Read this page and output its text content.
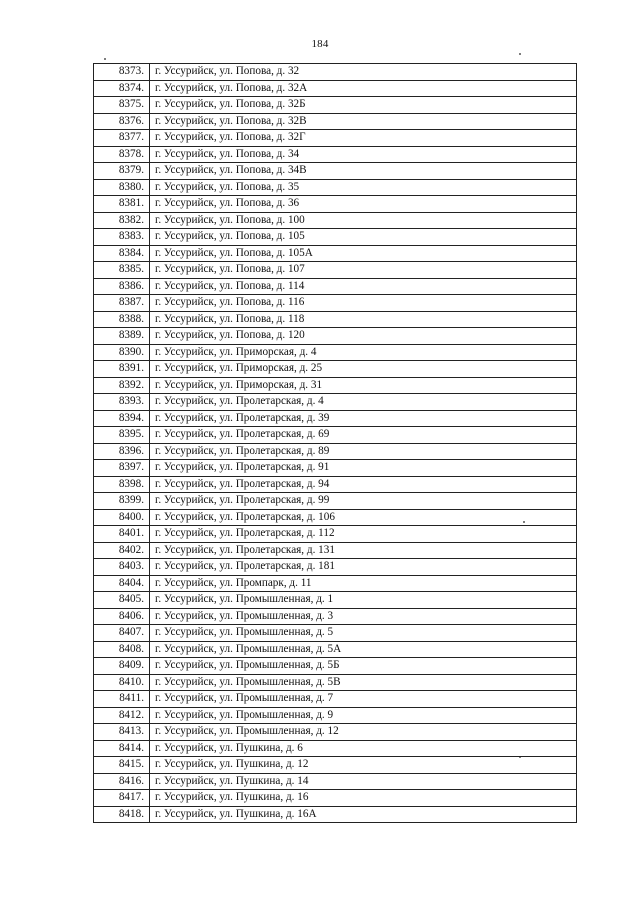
184
8373.	г. Уссурийск, ул. Попова, д. 32
8374.	г. Уссурийск, ул. Попова, д. 32А
8375.	г. Уссурийск, ул. Попова, д. 32Б
8376.	г. Уссурийск, ул. Попова, д. 32В
8377.	г. Уссурийск, ул. Попова, д. 32Г
8378.	г. Уссурийск, ул. Попова, д. 34
8379.	г. Уссурийск, ул. Попова, д. 34В
8380.	г. Уссурийск, ул. Попова, д. 35
8381.	г. Уссурийск, ул. Попова, д. 36
8382.	г. Уссурийск, ул. Попова, д. 100
8383.	г. Уссурийск, ул. Попова, д. 105
8384.	г. Уссурийск, ул. Попова, д. 105А
8385.	г. Уссурийск, ул. Попова, д. 107
8386.	г. Уссурийск, ул. Попова, д. 114
8387.	г. Уссурийск, ул. Попова, д. 116
8388.	г. Уссурийск, ул. Попова, д. 118
8389.	г. Уссурийск, ул. Попова, д. 120
8390.	г. Уссурийск, ул. Приморская, д. 4
8391.	г. Уссурийск, ул. Приморская, д. 25
8392.	г. Уссурийск, ул. Приморская, д. 31
8393.	г. Уссурийск, ул. Пролетарская, д. 4
8394.	г. Уссурийск, ул. Пролетарская, д. 39
8395.	г. Уссурийск, ул. Пролетарская, д. 69
8396.	г. Уссурийск, ул. Пролетарская, д. 89
8397.	г. Уссурийск, ул. Пролетарская, д. 91
8398.	г. Уссурийск, ул. Пролетарская, д. 94
8399.	г. Уссурийск, ул. Пролетарская, д. 99
8400.	г. Уссурийск, ул. Пролетарская, д. 106
8401.	г. Уссурийск, ул. Пролетарская, д. 112
8402.	г. Уссурийск, ул. Пролетарская, д. 131
8403.	г. Уссурийск, ул. Пролетарская, д. 181
8404.	г. Уссурийск, ул. Промпарк, д. 11
8405.	г. Уссурийск, ул. Промышленная, д. 1
8406.	г. Уссурийск, ул. Промышленная, д. 3
8407.	г. Уссурийск, ул. Промышленная, д. 5
8408.	г. Уссурийск, ул. Промышленная, д. 5А
8409.	г. Уссурийск, ул. Промышленная, д. 5Б
8410.	г. Уссурийск, ул. Промышленная, д. 5В
8411.	г. Уссурийск, ул. Промышленная, д. 7
8412.	г. Уссурийск, ул. Промышленная, д. 9
8413.	г. Уссурийск, ул. Промышленная, д. 12
8414.	г. Уссурийск, ул. Пушкина, д. 6
8415.	г. Уссурийск, ул. Пушкина, д. 12
8416.	г. Уссурийск, ул. Пушкина, д. 14
8417.	г. Уссурийск, ул. Пушкина, д. 16
8418.	г. Уссурийск, ул. Пушкина, д. 16А
